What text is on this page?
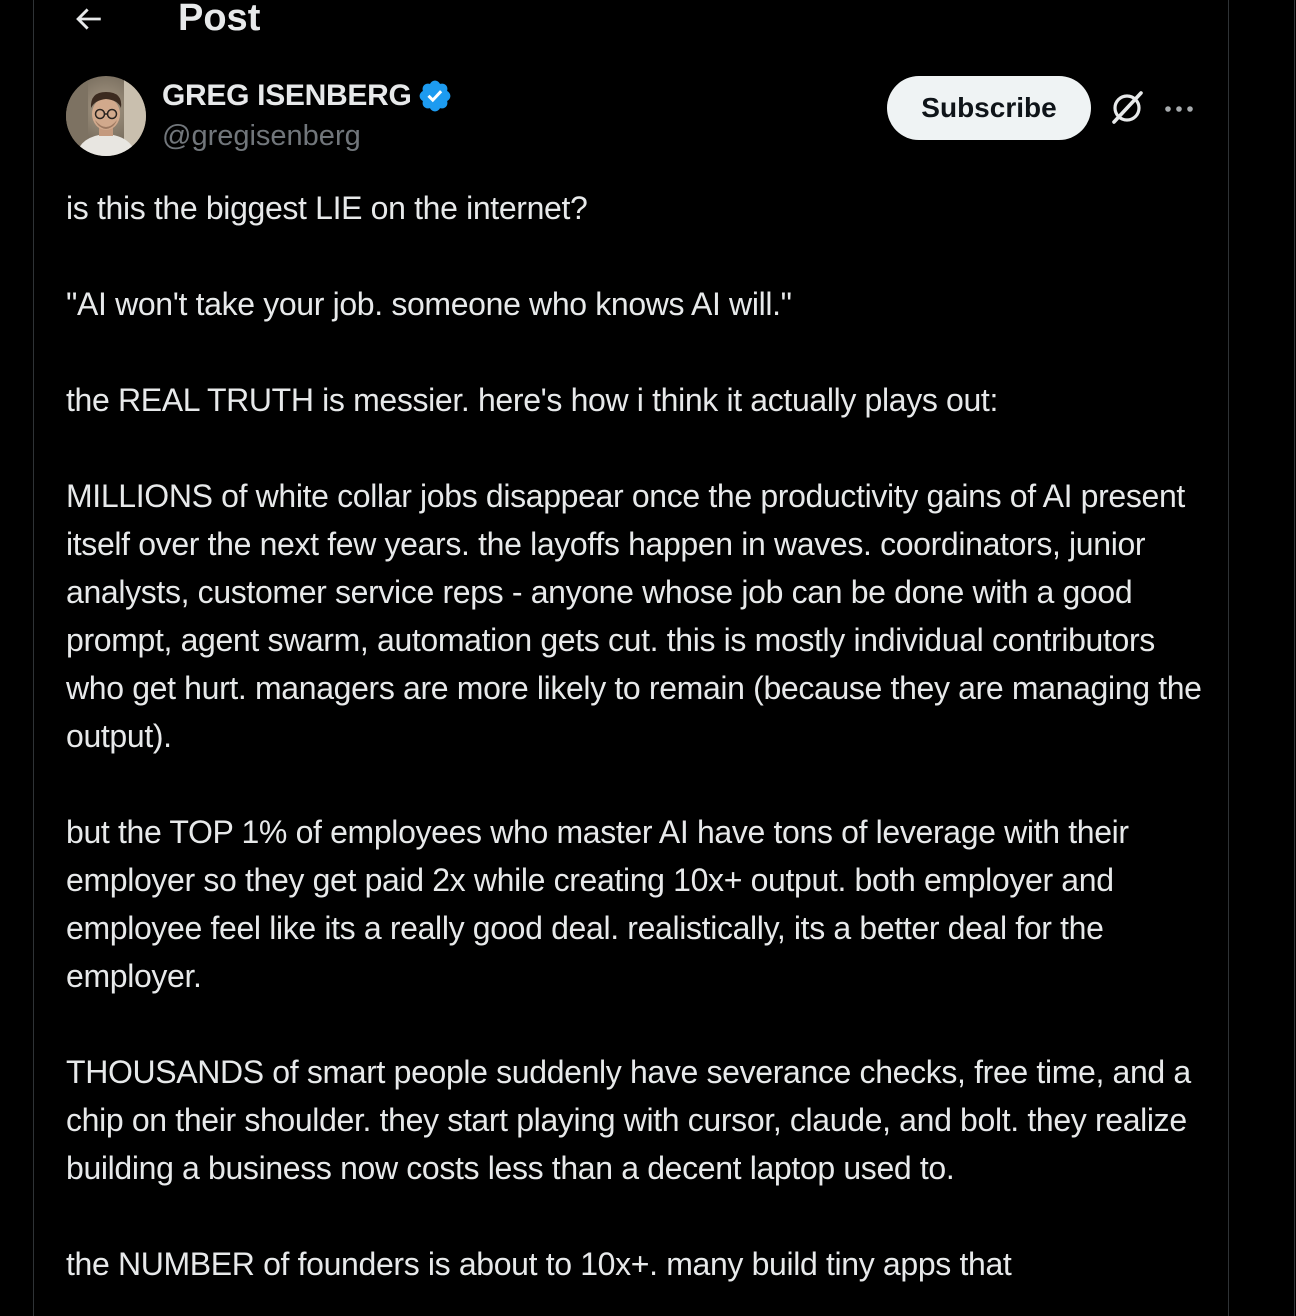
Post
GREG ISENBERG
@gregisenberg
Subscribe

is this the biggest LIE on the internet?

"AI won't take your job. someone who knows AI will."

the REAL TRUTH is messier. here's how i think it actually plays out:

MILLIONS of white collar jobs disappear once the productivity gains of AI present itself over the next few years. the layoffs happen in waves. coordinators, junior analysts, customer service reps - anyone whose job can be done with a good prompt, agent swarm, automation gets cut. this is mostly individual contributors who get hurt. managers are more likely to remain (because they are managing the output).

but the TOP 1% of employees who master AI have tons of leverage with their employer so they get paid 2x while creating 10x+ output. both employer and employee feel like its a really good deal. realistically, its a better deal for the employer.

THOUSANDS of smart people suddenly have severance checks, free time, and a chip on their shoulder. they start playing with cursor, claude, and bolt. they realize building a business now costs less than a decent laptop used to.

the NUMBER of founders is about to 10x+. many build tiny apps that
